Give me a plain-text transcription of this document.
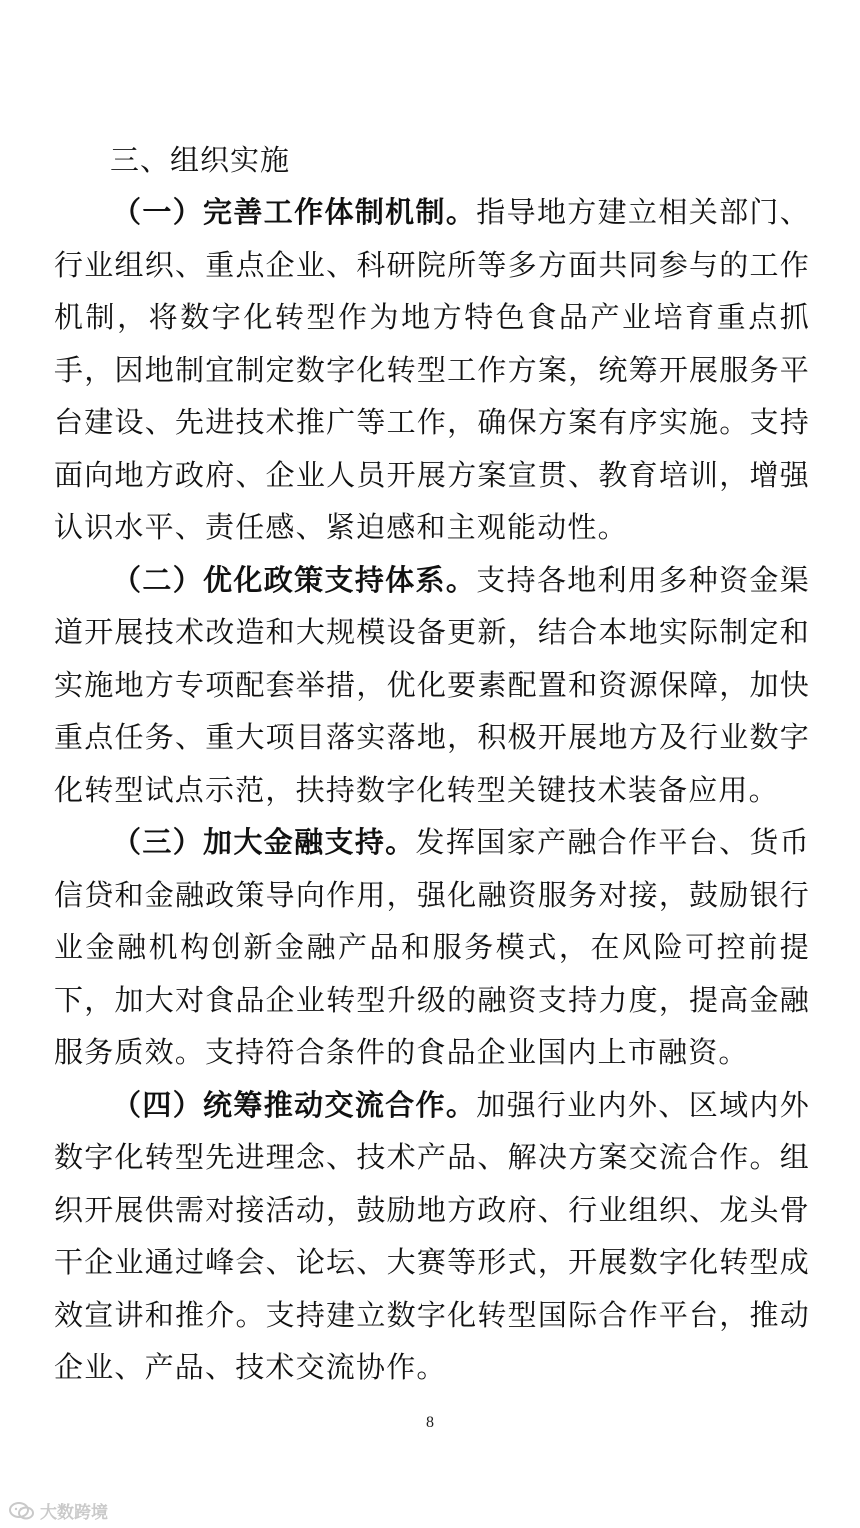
三、组织实施

（一）完善工作体制机制。指导地方建立相关部门、行业组织、重点企业、科研院所等多方面共同参与的工作机制，将数字化转型作为地方特色食品产业培育重点抓手，因地制宜制定数字化转型工作方案，统筹开展服务平台建设、先进技术推广等工作，确保方案有序实施。支持面向地方政府、企业人员开展方案宣贯、教育培训，增强认识水平、责任感、紧迫感和主观能动性。

（二）优化政策支持体系。支持各地利用多种资金渠道开展技术改造和大规模设备更新，结合本地实际制定和实施地方专项配套举措，优化要素配置和资源保障，加快重点任务、重大项目落实落地，积极开展地方及行业数字化转型试点示范，扶持数字化转型关键技术装备应用。

（三）加大金融支持。发挥国家产融合作平台、货币信贷和金融政策导向作用，强化融资服务对接，鼓励银行业金融机构创新金融产品和服务模式，在风险可控前提下，加大对食品企业转型升级的融资支持力度，提高金融服务质效。支持符合条件的食品企业国内上市融资。

（四）统筹推动交流合作。加强行业内外、区域内外数字化转型先进理念、技术产品、解决方案交流合作。组织开展供需对接活动，鼓励地方政府、行业组织、龙头骨干企业通过峰会、论坛、大赛等形式，开展数字化转型成效宣讲和推介。支持建立数字化转型国际合作平台，推动企业、产品、技术交流协作。

8
大数跨境
